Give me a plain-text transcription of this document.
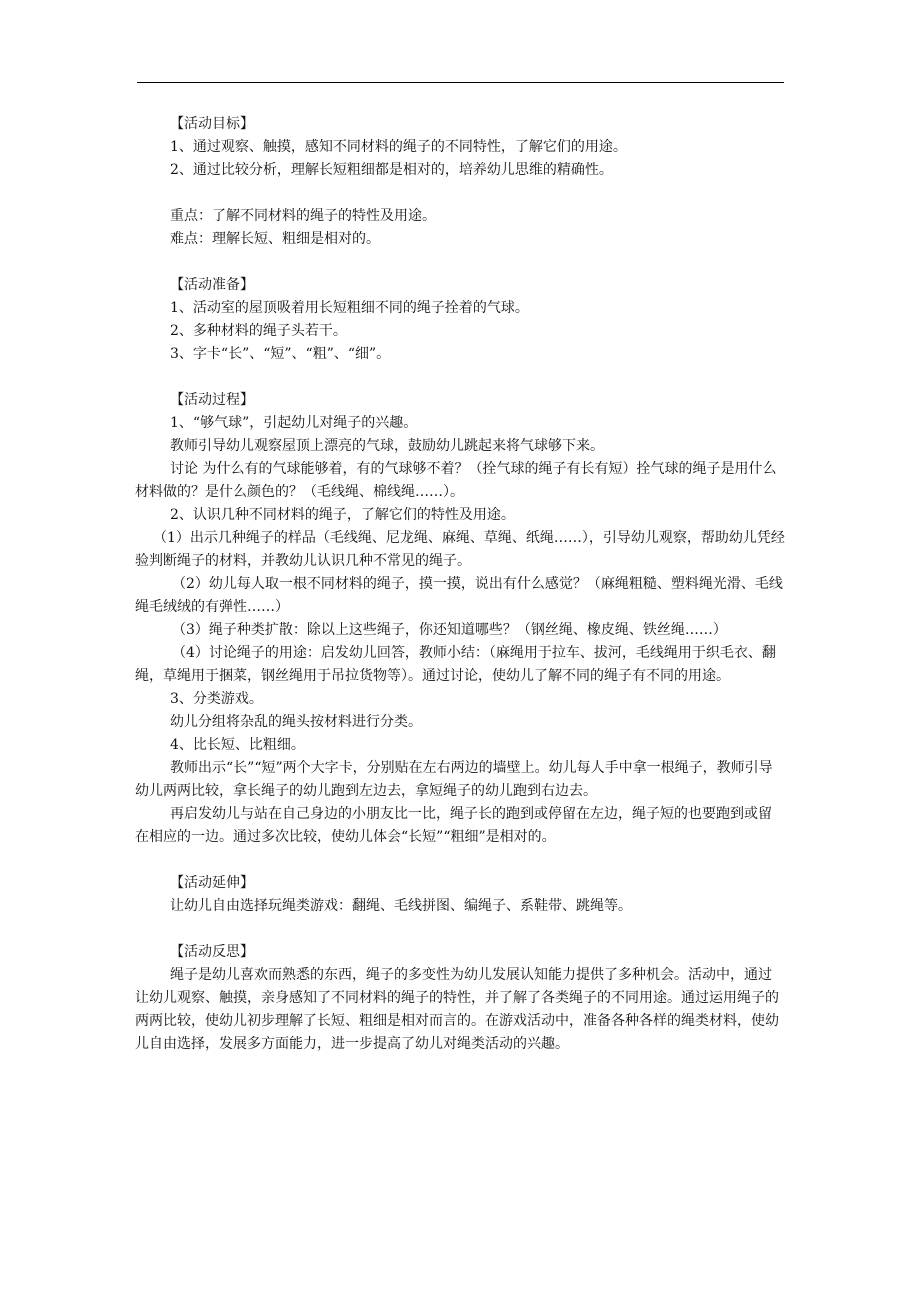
【活动目标】
1、通过观察、触摸，感知不同材料的绳子的不同特性，了解它们的用途。
2、通过比较分析，理解长短粗细都是相对的，培养幼儿思维的精确性。
重点：了解不同材料的绳子的特性及用途。
难点：理解长短、粗细是相对的。
【活动准备】
1、活动室的屋顶吸着用长短粗细不同的绳子拴着的气球。
2、多种材料的绳子头若干。
3、字卡“长”、“短”、“粗”、“细”。
【活动过程】
1、“够气球”，引起幼儿对绳子的兴趣。
教师引导幼儿观察屋顶上漂亮的气球，鼓励幼儿跳起来将气球够下来。
讨论 为什么有的气球能够着，有的气球够不着？（拴气球的绳子有长有短）拴气球的绳子是用什么材料做的？是什么颜色的？（毛线绳、棉线绳……）。
2、认识几种不同材料的绳子，了解它们的特性及用途。
（1）出示几种绳子的样品（毛线绳、尼龙绳、麻绳、草绳、纸绳……），引导幼儿观察，帮助幼儿凭经验判断绳子的材料，并教幼儿认识几种不常见的绳子。
（2）幼儿每人取一根不同材料的绳子，摸一摸，说出有什么感觉？（麻绳粗糙、塑料绳光滑、毛线绳毛绒绒的有弹性……）
（3）绳子种类扩散：除以上这些绳子，你还知道哪些？（钢丝绳、橡皮绳、铁丝绳……）
（4）讨论绳子的用途：启发幼儿回答，教师小结：（麻绳用于拉车、拔河，毛线绳用于织毛衣、翻绳，草绳用于捆菜，钢丝绳用于吊拉货物等）。通过讨论，使幼儿了解不同的绳子有不同的用途。
3、分类游戏。
幼儿分组将杂乱的绳头按材料进行分类。
4、比长短、比粗细。
教师出示“长”“短”两个大字卡，分别贴在左右两边的墙壁上。幼儿每人手中拿一根绳子，教师引导幼儿两两比较，拿长绳子的幼儿跑到左边去，拿短绳子的幼儿跑到右边去。
再启发幼儿与站在自己身边的小朋友比一比，绳子长的跑到或停留在左边，绳子短的也要跑到或留在相应的一边。通过多次比较，使幼儿体会“长短”“粗细”是相对的。
【活动延伸】
让幼儿自由选择玩绳类游戏：翻绳、毛线拼图、编绳子、系鞋带、跳绳等。
【活动反思】
绳子是幼儿喜欢而熟悉的东西，绳子的多变性为幼儿发展认知能力提供了多种机会。活动中，通过让幼儿观察、触摸，亲身感知了不同材料的绳子的特性，并了解了各类绳子的不同用途。通过运用绳子的两两比较，使幼儿初步理解了长短、粗细是相对而言的。在游戏活动中，准备各种各样的绳类材料，使幼儿自由选择，发展多方面能力，进一步提高了幼儿对绳类活动的兴趣。
